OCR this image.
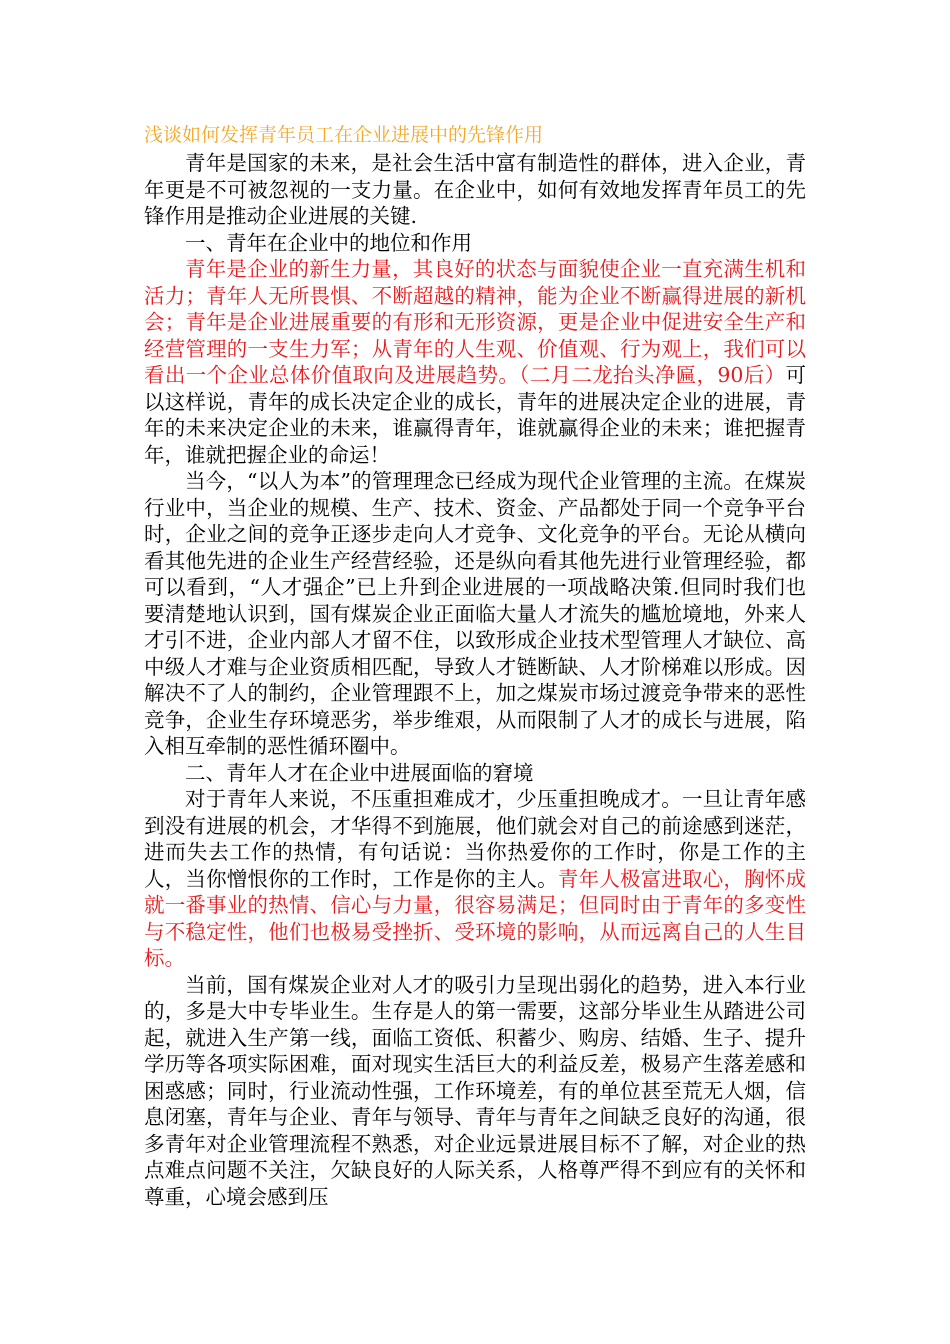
浅谈如何发挥青年员工在企业进展中的先锋作用

青年是国家的未来，是社会生活中富有制造性的群体，进入企业，青年更是不可被忽视的一支力量。在企业中，如何有效地发挥青年员工的先锋作用是推动企业进展的关键.

一、青年在企业中的地位和作用

青年是企业的新生力量，其良好的状态与面貌使企业一直充满生机和活力；青年人无所畏惧、不断超越的精神，能为企业不断赢得进展的新机会；青年是企业进展重要的有形和无形资源，更是企业中促进安全生产和经营管理的一支生力军；从青年的人生观、价值观、行为观上，我们可以看出一个企业总体价值取向及进展趋势。（二月二龙抬头净匾，90后）可以这样说，青年的成长决定企业的成长，青年的进展决定企业的进展，青年的未来决定企业的未来，谁赢得青年，谁就赢得企业的未来；谁把握青年，谁就把握企业的命运！

当今，“以人为本”的管理理念已经成为现代企业管理的主流。在煤炭行业中，当企业的规模、生产、技术、资金、产品都处于同一个竞争平台时，企业之间的竞争正逐步走向人才竞争、文化竞争的平台。无论从横向看其他先进的企业生产经营经验，还是纵向看其他先进行业管理经验，都可以看到，“人才强企”已上升到企业进展的一项战略决策.但同时我们也要清楚地认识到，国有煤炭企业正面临大量人才流失的尴尬境地，外来人才引不进，企业内部人才留不住，以致形成企业技术型管理人才缺位、高中级人才难与企业资质相匹配，导致人才链断缺、人才阶梯难以形成。因解决不了人的制约，企业管理跟不上，加之煤炭市场过渡竞争带来的恶性竞争，企业生存环境恶劣，举步维艰，从而限制了人才的成长与进展，陷入相互牵制的恶性循环圈中。

二、青年人才在企业中进展面临的窘境

对于青年人来说，不压重担难成才，少压重担晚成才。一旦让青年感到没有进展的机会，才华得不到施展，他们就会对自己的前途感到迷茫，进而失去工作的热情，有句话说：当你热爱你的工作时，你是工作的主人，当你憎恨你的工作时，工作是你的主人。青年人极富进取心，胸怀成就一番事业的热情、信心与力量，很容易满足；但同时由于青年的多变性与不稳定性，他们也极易受挫折、受环境的影响，从而远离自己的人生目标。

当前，国有煤炭企业对人才的吸引力呈现出弱化的趋势，进入本行业的，多是大中专毕业生。生存是人的第一需要，这部分毕业生从踏进公司起，就进入生产第一线，面临工资低、积蓄少、购房、结婚、生子、提升学历等各项实际困难，面对现实生活巨大的利益反差，极易产生落差感和困惑感；同时，行业流动性强，工作环境差，有的单位甚至荒无人烟，信息闭塞，青年与企业、青年与领导、青年与青年之间缺乏良好的沟通，很多青年对企业管理流程不熟悉，对企业远景进展目标不了解，对企业的热点难点问题不关注，欠缺良好的人际关系，人格尊严得不到应有的关怀和尊重，心境会感到压
